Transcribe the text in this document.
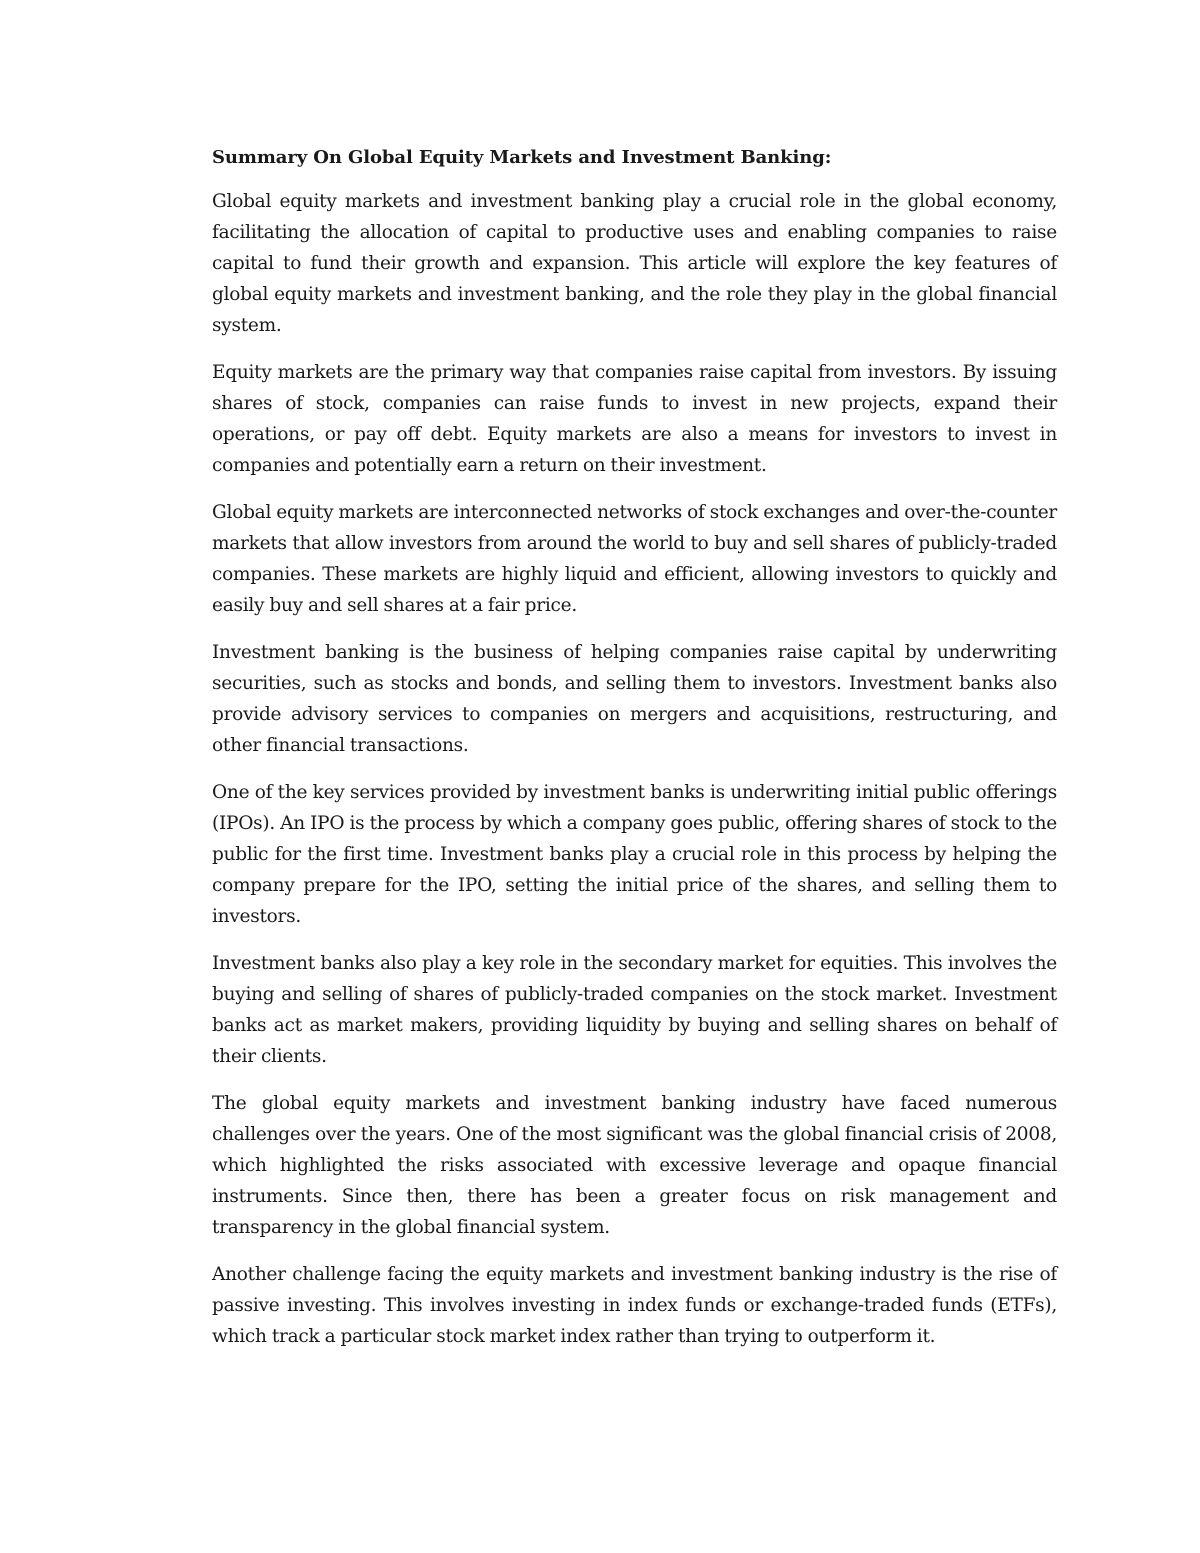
Summary On Global Equity Markets and Investment Banking:

Global equity markets and investment banking play a crucial role in the global economy, facilitating the allocation of capital to productive uses and enabling companies to raise capital to fund their growth and expansion. This article will explore the key features of global equity markets and investment banking, and the role they play in the global financial system.

Equity markets are the primary way that companies raise capital from investors. By issuing shares of stock, companies can raise funds to invest in new projects, expand their operations, or pay off debt. Equity markets are also a means for investors to invest in companies and potentially earn a return on their investment.

Global equity markets are interconnected networks of stock exchanges and over-the-counter markets that allow investors from around the world to buy and sell shares of publicly-traded companies. These markets are highly liquid and efficient, allowing investors to quickly and easily buy and sell shares at a fair price.

Investment banking is the business of helping companies raise capital by underwriting securities, such as stocks and bonds, and selling them to investors. Investment banks also provide advisory services to companies on mergers and acquisitions, restructuring, and other financial transactions.

One of the key services provided by investment banks is underwriting initial public offerings (IPOs). An IPO is the process by which a company goes public, offering shares of stock to the public for the first time. Investment banks play a crucial role in this process by helping the company prepare for the IPO, setting the initial price of the shares, and selling them to investors.

Investment banks also play a key role in the secondary market for equities. This involves the buying and selling of shares of publicly-traded companies on the stock market. Investment banks act as market makers, providing liquidity by buying and selling shares on behalf of their clients.

The global equity markets and investment banking industry have faced numerous challenges over the years. One of the most significant was the global financial crisis of 2008, which highlighted the risks associated with excessive leverage and opaque financial instruments. Since then, there has been a greater focus on risk management and transparency in the global financial system.

Another challenge facing the equity markets and investment banking industry is the rise of passive investing. This involves investing in index funds or exchange-traded funds (ETFs), which track a particular stock market index rather than trying to outperform it.
